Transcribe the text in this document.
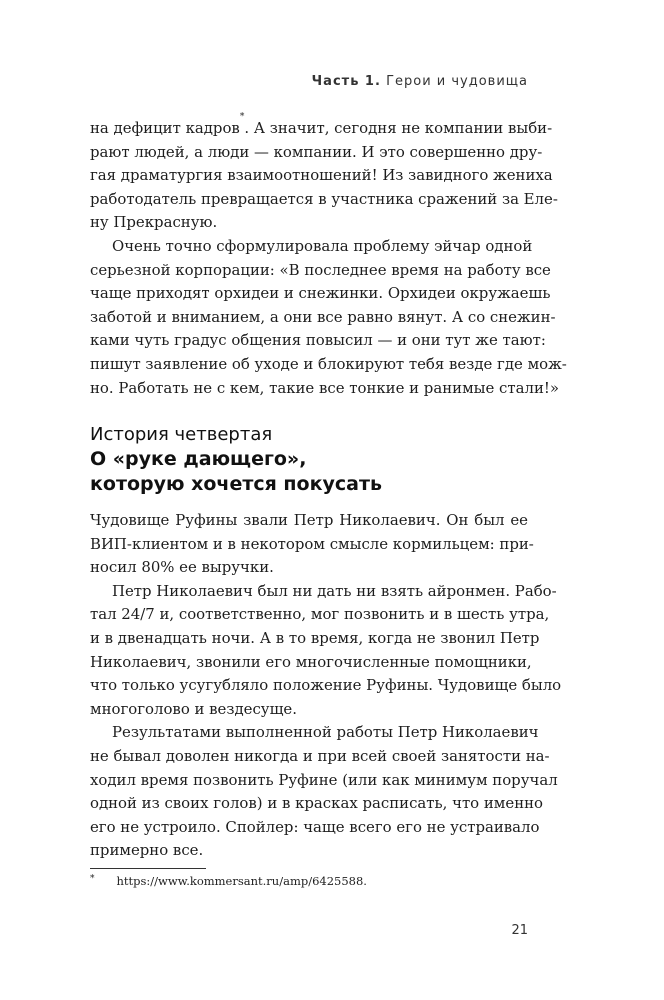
Часть 1. Герои и чудовища

на дефицит кадров*. А значит, сегодня не компании выби-
рают людей, а люди — компании. И это совершенно дру-
гая драматургия взаимоотношений! Из завидного жениха
работодатель превращается в участника сражений за Еле-
ну Прекрасную.

Очень точно сформулировала проблему эйчар одной
серьезной корпорации: «В последнее время на работу все
чаще приходят орхидеи и снежинки. Орхидеи окружаешь
заботой и вниманием, а они все равно вянут. А со снежин-
ками чуть градус общения повысил — и они тут же тают:
пишут заявление об уходе и блокируют тебя везде где мож-
но. Работать не с кем, такие все тонкие и ранимые стали!»

История четвертая
О «руке дающего»,
которую хочется покусать

Чудовище Руфины звали Петр Николаевич. Он был ее
ВИП-клиентом и в некотором смысле кормильцем: при-
носил 80% ее выручки.

Петр Николаевич был ни дать ни взять айронмен. Рабо-
тал 24/7 и, соответственно, мог позвонить и в шесть утра,
и в двенадцать ночи. А в то время, когда не звонил Петр
Николаевич, звонили его многочисленные помощники,
что только усугубляло положение Руфины. Чудовище было
многоголово и вездесуще.

Результатами выполненной работы Петр Николаевич
не бывал доволен никогда и при всей своей занятости на-
ходил время позвонить Руфине (или как минимум поручал
одной из своих голов) и в красках расписать, что именно
его не устроило. Спойлер: чаще всего его не устраивало
примерно все.

* https://www.kommersant.ru/amp/6425588.
21
